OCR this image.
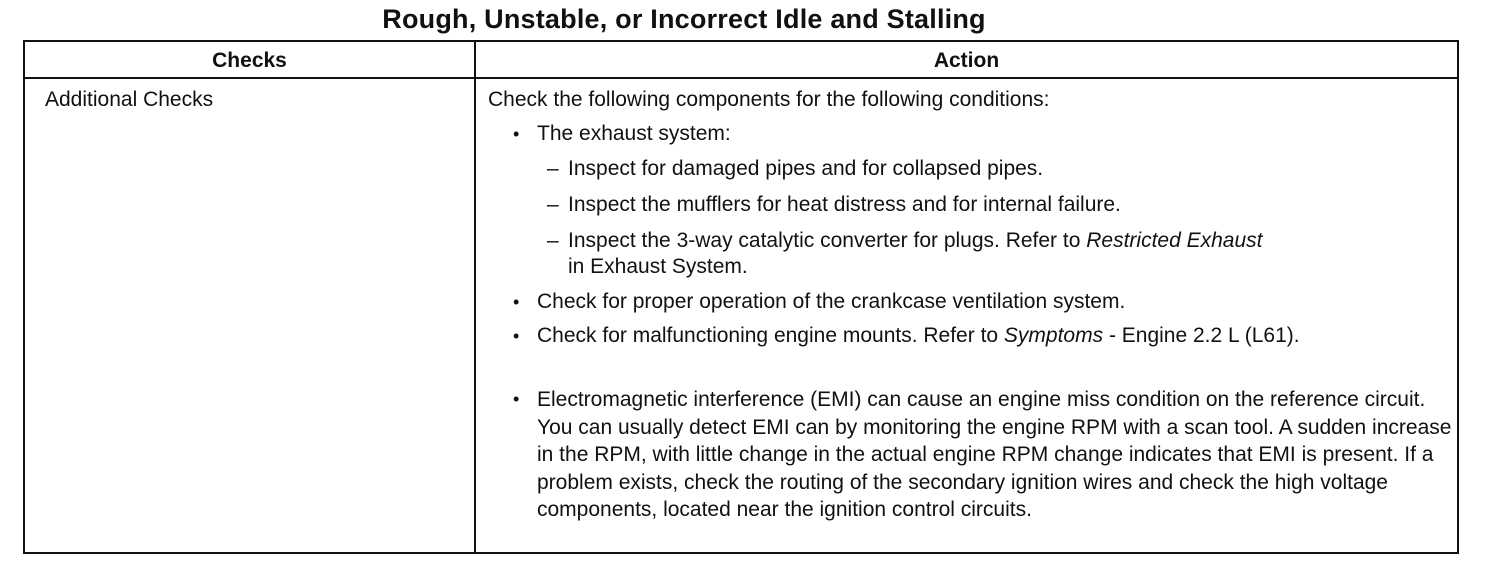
Rough, Unstable, or Incorrect Idle and Stalling
Checks	Action
Additional Checks	Check the following components for the following conditions:
• The exhaust system:
– Inspect for damaged pipes and for collapsed pipes.
– Inspect the mufflers for heat distress and for internal failure.
– Inspect the 3-way catalytic converter for plugs. Refer to Restricted Exhaust
in Exhaust System.
• Check for proper operation of the crankcase ventilation system.
• Check for malfunctioning engine mounts. Refer to Symptoms - Engine 2.2 L (L61).
• Electromagnetic interference (EMI) can cause an engine miss condition on the reference circuit. You can usually detect EMI can by monitoring the engine RPM with a scan tool. A sudden increase in the RPM, with little change in the actual engine RPM change indicates that EMI is present. If a problem exists, check the routing of the secondary ignition wires and check the high voltage components, located near the ignition control circuits.
